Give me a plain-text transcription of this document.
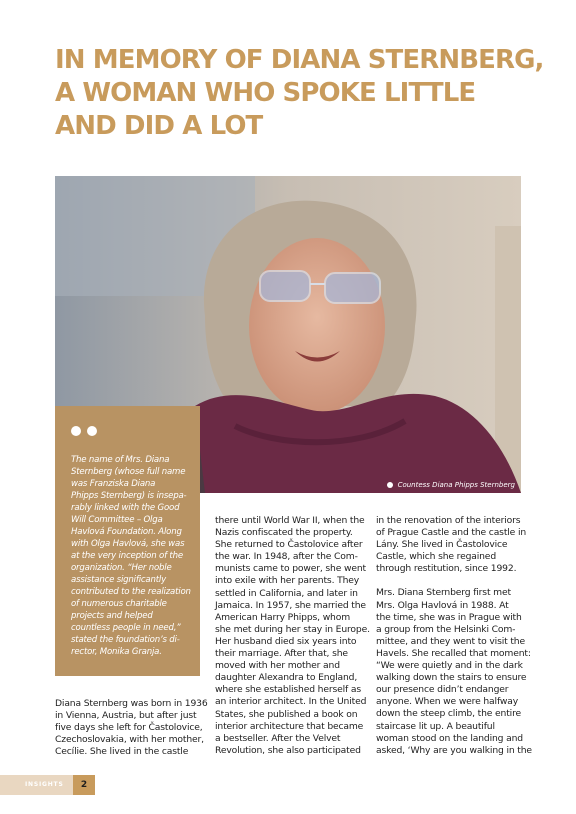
IN MEMORY OF DIANA STERNBERG,
A WOMAN WHO SPOKE LITTLE
AND DID A LOT
Countess Diana Phipps Sternberg
The name of Mrs. Diana
Sternberg (whose full name
was Franziska Diana
Phipps Sternberg) is insepa-
rably linked with the Good
Will Committee – Olga
Havlová Foundation. Along
with Olga Havlová, she was
at the very inception of the
organization. “Her noble
assistance significantly
contributed to the realization
of numerous charitable
projects and helped
countless people in need,”
stated the foundation’s di-
rector, Monika Granja.
Diana Sternberg was born in 1936
in Vienna, Austria, but after just
five days she left for Častolovice,
Czechoslovakia, with her mother,
Cecílie. She lived in the castle
there until World War II, when the
Nazis confiscated the property.
She returned to Častolovice after
the war. In 1948, after the Com-
munists came to power, she went
into exile with her parents. They
settled in California, and later in
Jamaica. In 1957, she married the
American Harry Phipps, whom
she met during her stay in Europe.
Her husband died six years into
their marriage. After that, she
moved with her mother and
daughter Alexandra to England,
where she established herself as
an interior architect. In the United
States, she published a book on
interior architecture that became
a bestseller. After the Velvet
Revolution, she also participated
in the renovation of the interiors
of Prague Castle and the castle in
Lány. She lived in Častolovice
Castle, which she regained
through restitution, since 1992.
Mrs. Diana Sternberg first met
Mrs. Olga Havlová in 1988. At
the time, she was in Prague with
a group from the Helsinki Com-
mittee, and they went to visit the
Havels. She recalled that moment:
“We were quietly and in the dark
walking down the stairs to ensure
our presence didn’t endanger
anyone. When we were halfway
down the steep climb, the entire
staircase lit up. A beautiful
woman stood on the landing and
asked, ‘Why are you walking in the
INSIGHTS	2
